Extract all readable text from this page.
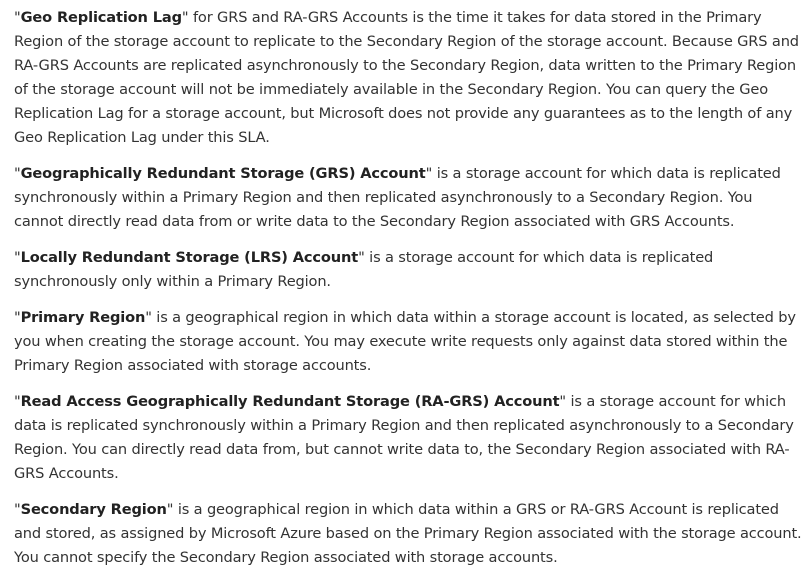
"Geo Replication Lag" for GRS and RA-GRS Accounts is the time it takes for data stored in the Primary Region of the storage account to replicate to the Secondary Region of the storage account. Because GRS and RA-GRS Accounts are replicated asynchronously to the Secondary Region, data written to the Primary Region of the storage account will not be immediately available in the Secondary Region. You can query the Geo Replication Lag for a storage account, but Microsoft does not provide any guarantees as to the length of any Geo Replication Lag under this SLA.

"Geographically Redundant Storage (GRS) Account" is a storage account for which data is replicated synchronously within a Primary Region and then replicated asynchronously to a Secondary Region. You cannot directly read data from or write data to the Secondary Region associated with GRS Accounts.

"Locally Redundant Storage (LRS) Account" is a storage account for which data is replicated synchronously only within a Primary Region.

"Primary Region" is a geographical region in which data within a storage account is located, as selected by you when creating the storage account. You may execute write requests only against data stored within the Primary Region associated with storage accounts.

"Read Access Geographically Redundant Storage (RA-GRS) Account" is a storage account for which data is replicated synchronously within a Primary Region and then replicated asynchronously to a Secondary Region. You can directly read data from, but cannot write data to, the Secondary Region associated with RA-GRS Accounts.

"Secondary Region" is a geographical region in which data within a GRS or RA-GRS Account is replicated and stored, as assigned by Microsoft Azure based on the Primary Region associated with the storage account. You cannot specify the Secondary Region associated with storage accounts.
